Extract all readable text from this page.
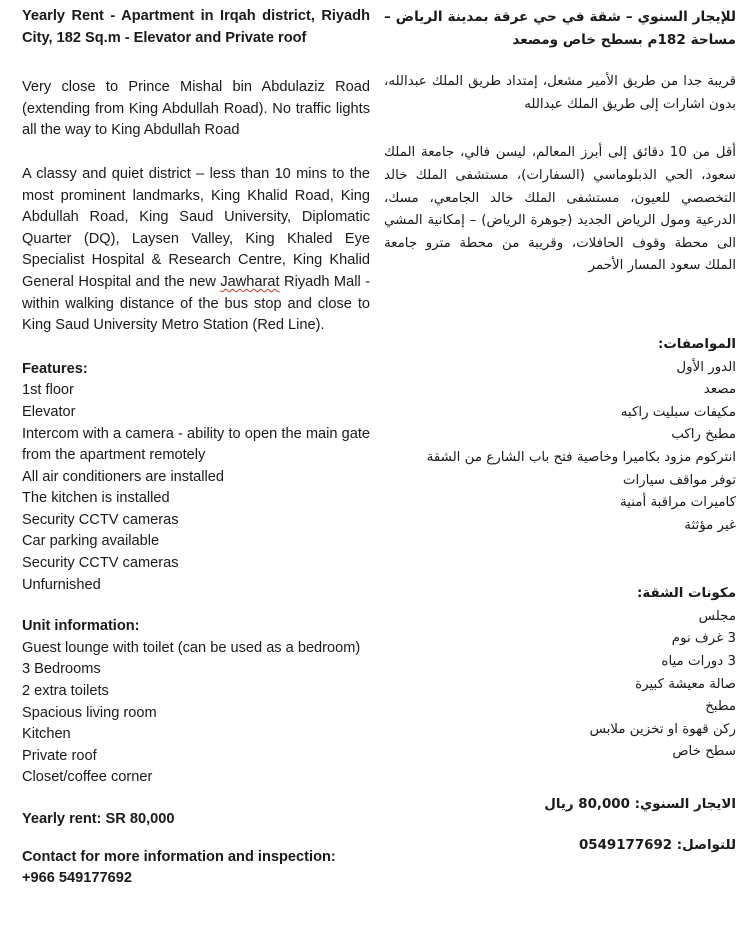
Yearly Rent - Apartment in Irqah district, Riyadh City, 182 Sq.m - Elevator and Private roof

Very close to Prince Mishal bin Abdulaziz Road (extending from King Abdullah Road). No traffic lights all the way to King Abdullah Road

A classy and quiet district – less than 10 mins to the most prominent landmarks, King Khalid Road, King Abdullah Road, King Saud University, Diplomatic Quarter (DQ), Laysen Valley, King Khaled Eye Specialist Hospital & Research Centre, King Khalid General Hospital and the new Jawharat Riyadh Mall - within walking distance of the bus stop and close to King Saud University Metro Station (Red Line).

Features:
1st floor
Elevator
Intercom with a camera - ability to open the main gate from the apartment remotely
All air conditioners are installed
The kitchen is installed
Security CCTV cameras
Car parking available
Security CCTV cameras
Unfurnished
Unit information:
Guest lounge with toilet (can be used as a bedroom)
3 Bedrooms
2 extra toilets
Spacious living room
Kitchen
Private roof
Closet/coffee corner

Yearly rent: SR 80,000

Contact for more information and inspection:

+966 549177692

للإيجار السنوي – شقة في حي عرقة بمدينة الرياض – مساحة 182م بسطح خاص ومصعد

قريبة جدا من طريق الأمير مشعل، إمتداد طريق الملك عبدالله، بدون اشارات إلى طريق الملك عبدالله

أقل من 10 دقائق إلى أبرز المعالم، ليسن فالي، جامعة الملك سعود، الحي الدبلوماسي (السفارات)، مستشفى الملك خالد التخصصي للعيون، مستشفى الملك خالد الجامعي، مسك، الدرعية ومول الرياض الجديد (جوهرة الرياض) – إمكانية المشي الى محطة وقوف الحافلات، وقريبة من محطة مترو جامعة الملك سعود المسار الأحمر

المواصفات:
الدور الأول
مصعد
مكيفات سبليت راكبه
مطبخ راكب
انتركوم مزود بكاميرا وخاصية فتح باب الشارع من الشقة
توفر مواقف سيارات
كاميرات مراقبة أمنية
غير مؤثثة
مكونات الشقة:
مجلس
3 غرف نوم
3 دورات مياه
صالة معيشة كبيرة
مطبخ
ركن قهوة او تخزين ملابس
سطح خاص

الايجار السنوي: 80,000 ريال

للتواصل: 0549177692
